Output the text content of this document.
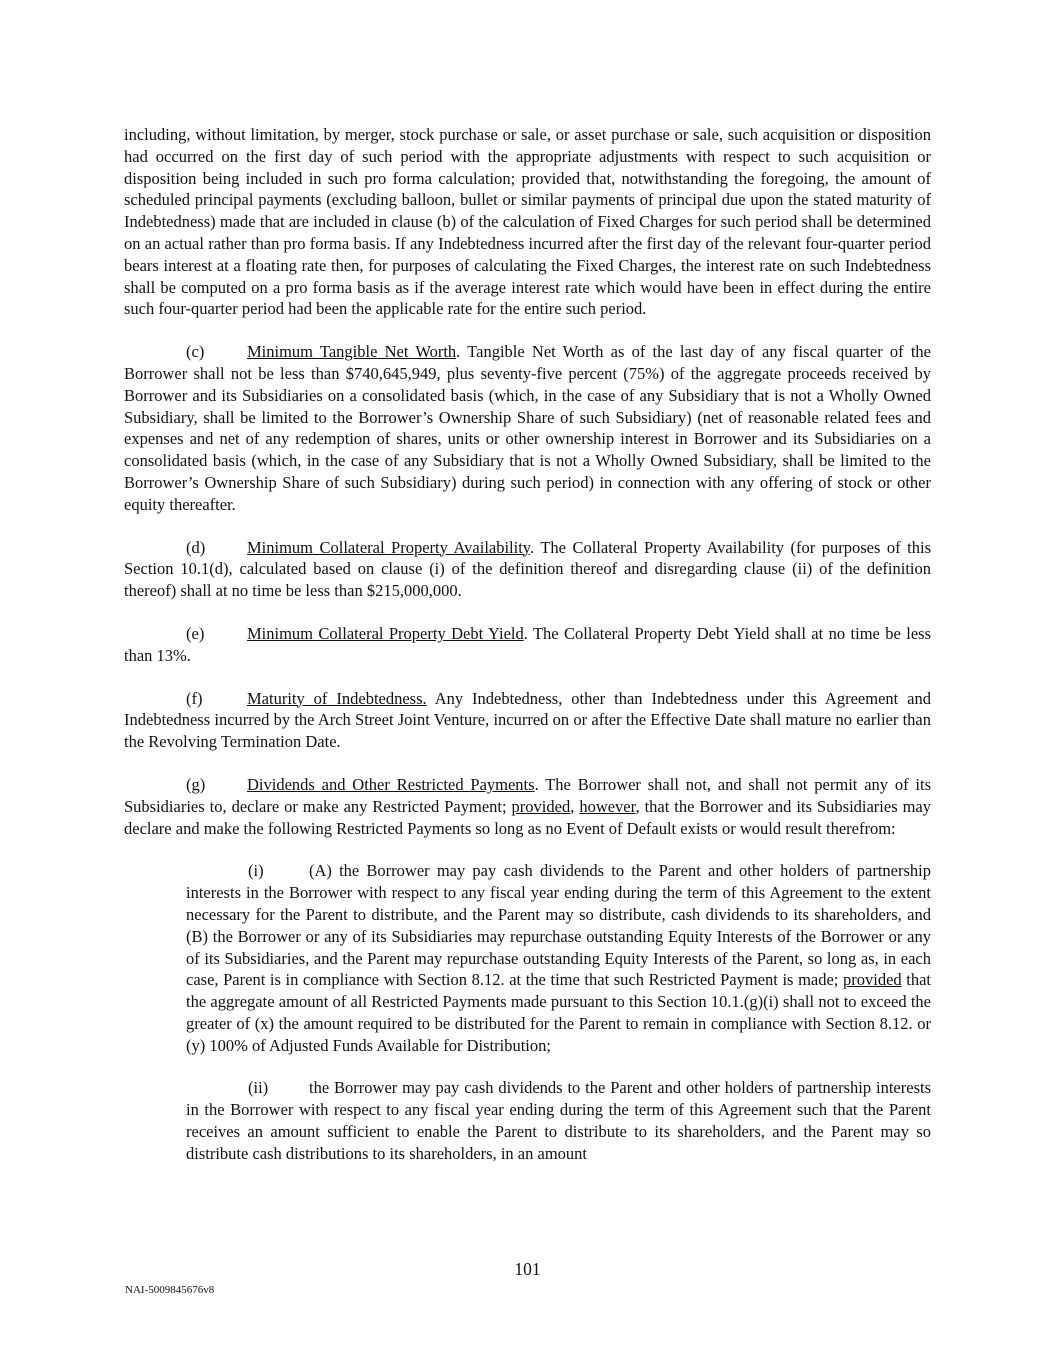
including, without limitation, by merger, stock purchase or sale, or asset purchase or sale, such acquisition or disposition had occurred on the first day of such period with the appropriate adjustments with respect to such acquisition or disposition being included in such pro forma calculation; provided that, notwithstanding the foregoing, the amount of scheduled principal payments (excluding balloon, bullet or similar payments of principal due upon the stated maturity of Indebtedness) made that are included in clause (b) of the calculation of Fixed Charges for such period shall be determined on an actual rather than pro forma basis. If any Indebtedness incurred after the first day of the relevant four-quarter period bears interest at a floating rate then, for purposes of calculating the Fixed Charges, the interest rate on such Indebtedness shall be computed on a pro forma basis as if the average interest rate which would have been in effect during the entire such four-quarter period had been the applicable rate for the entire such period.

(c)	Minimum Tangible Net Worth. Tangible Net Worth as of the last day of any fiscal quarter of the Borrower shall not be less than $740,645,949, plus seventy-five percent (75%) of the aggregate proceeds received by Borrower and its Subsidiaries on a consolidated basis (which, in the case of any Subsidiary that is not a Wholly Owned Subsidiary, shall be limited to the Borrower’s Ownership Share of such Subsidiary) (net of reasonable related fees and expenses and net of any redemption of shares, units or other ownership interest in Borrower and its Subsidiaries on a consolidated basis (which, in the case of any Subsidiary that is not a Wholly Owned Subsidiary, shall be limited to the Borrower’s Ownership Share of such Subsidiary) during such period) in connection with any offering of stock or other equity thereafter.

(d)	Minimum Collateral Property Availability. The Collateral Property Availability (for purposes of this Section 10.1(d), calculated based on clause (i) of the definition thereof and disregarding clause (ii) of the definition thereof) shall at no time be less than $215,000,000.

(e)	Minimum Collateral Property Debt Yield. The Collateral Property Debt Yield shall at no time be less than 13%.

(f)	Maturity of Indebtedness. Any Indebtedness, other than Indebtedness under this Agreement and Indebtedness incurred by the Arch Street Joint Venture, incurred on or after the Effective Date shall mature no earlier than the Revolving Termination Date.

(g)	Dividends and Other Restricted Payments. The Borrower shall not, and shall not permit any of its Subsidiaries to, declare or make any Restricted Payment; provided, however, that the Borrower and its Subsidiaries may declare and make the following Restricted Payments so long as no Event of Default exists or would result therefrom:

(i)	(A) the Borrower may pay cash dividends to the Parent and other holders of partnership interests in the Borrower with respect to any fiscal year ending during the term of this Agreement to the extent necessary for the Parent to distribute, and the Parent may so distribute, cash dividends to its shareholders, and (B) the Borrower or any of its Subsidiaries may repurchase outstanding Equity Interests of the Borrower or any of its Subsidiaries, and the Parent may repurchase outstanding Equity Interests of the Parent, so long as, in each case, Parent is in compliance with Section 8.12. at the time that such Restricted Payment is made; provided that the aggregate amount of all Restricted Payments made pursuant to this Section 10.1.(g)(i) shall not to exceed the greater of (x) the amount required to be distributed for the Parent to remain in compliance with Section 8.12. or (y) 100% of Adjusted Funds Available for Distribution;

(ii) the Borrower may pay cash dividends to the Parent and other holders of partnership interests in the Borrower with respect to any fiscal year ending during the term of this Agreement such that the Parent receives an amount sufficient to enable the Parent to distribute to its shareholders, and the Parent may so distribute cash distributions to its shareholders, in an amount

101
NAI-5009845676v8
